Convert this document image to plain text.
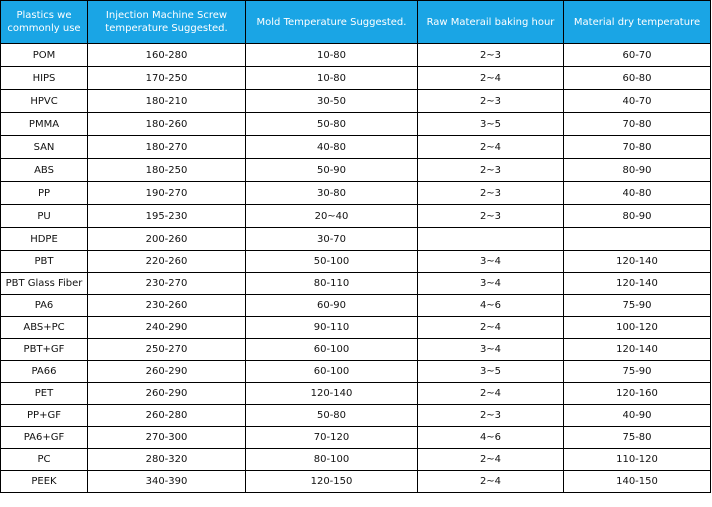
Plastics we commonly use	Injection Machine Screw temperature Suggested.	Mold Temperature Suggested.	Raw Materail baking hour	Material dry temperature
POM	160-280	10-80	2~3	60-70
HIPS	170-250	10-80	2~4	60-80
HPVC	180-210	30-50	2~3	40-70
PMMA	180-260	50-80	3~5	70-80
SAN	180-270	40-80	2~4	70-80
ABS	180-250	50-90	2~3	80-90
PP	190-270	30-80	2~3	40-80
PU	195-230	20~40	2~3	80-90
HDPE	200-260	30-70		
PBT	220-260	50-100	3~4	120-140
PBT Glass Fiber	230-270	80-110	3~4	120-140
PA6	230-260	60-90	4~6	75-90
ABS+PC	240-290	90-110	2~4	100-120
PBT+GF	250-270	60-100	3~4	120-140
PA66	260-290	60-100	3~5	75-90
PET	260-290	120-140	2~4	120-160
PP+GF	260-280	50-80	2~3	40-90
PA6+GF	270-300	70-120	4~6	75-80
PC	280-320	80-100	2~4	110-120
PEEK	340-390	120-150	2~4	140-150
